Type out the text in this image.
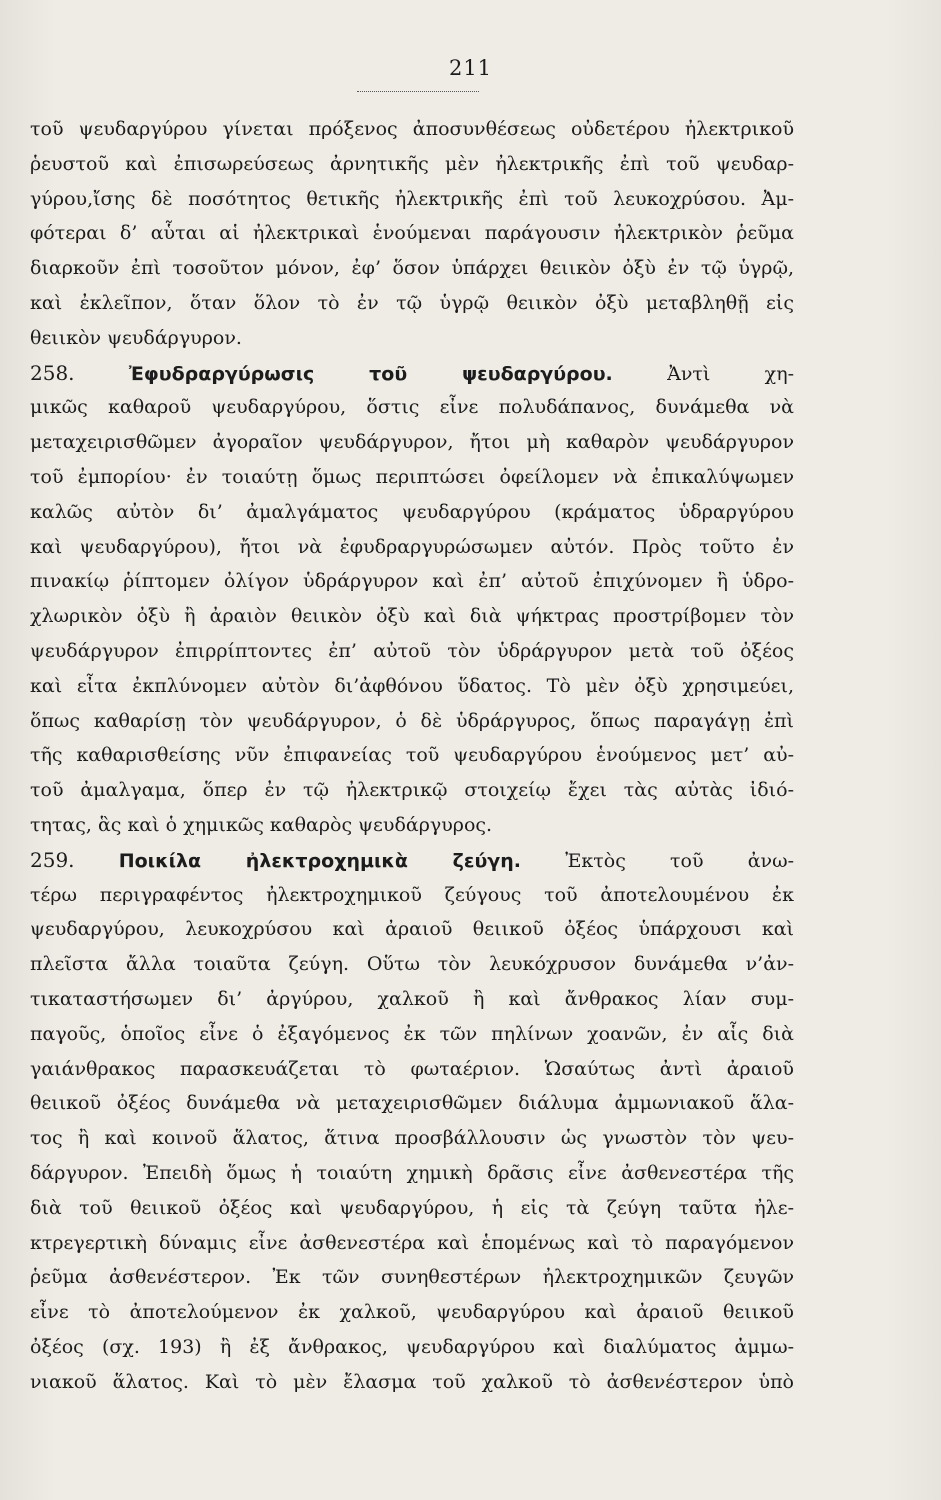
211
τοῦ ψευδαργύρου γίνεται πρόξενος ἀποσυνθέσεως οὐδετέρου ἠλεκτρικοῦ
ῥευστοῦ καὶ ἐπισωρεύσεως ἀρνητικῆς μὲν ἠλεκτρικῆς ἐπὶ τοῦ ψευδαρ-
γύρου,ἴσης δὲ ποσότητος θετικῆς ἠλεκτρικῆς ἐπὶ τοῦ λευκοχρύσου. Ἀμ-
φότεραι δ’ αὗται αἱ ἠλεκτρικαὶ ἑνούμεναι παράγουσιν ἠλεκτρικὸν ῥεῦμα
διαρκοῦν ἐπὶ τοσοῦτον μόνον, ἐφ’ ὅσον ὑπάρχει θειικὸν ὀξὺ ἐν τῷ ὑγρῷ,
καὶ ἐκλεῖπον, ὅταν ὅλον τὸ ἐν τῷ ὑγρῷ θειικὸν ὀξὺ μεταβληθῇ εἰς
θειικὸν ψευδάργυρον.
258.	Ἐφυδραργύρωσις τοῦ ψευδαργύρου.	Ἀντὶ χη-
μικῶς καθαροῦ ψευδαργύρου, ὅστις εἶνε πολυδάπανος, δυνάμεθα νὰ
μεταχειρισθῶμεν ἀγοραῖον ψευδάργυρον, ἤτοι μὴ καθαρὸν ψευδάργυρον
τοῦ ἐμπορίου· ἐν τοιαύτῃ ὅμως περιπτώσει ὀφείλομεν νὰ ἐπικαλύψωμεν
καλῶς αὐτὸν δι’ ἀμαλγάματος ψευδαργύρου (κράματος ὑδραργύρου
καὶ ψευδαργύρου), ἤτοι νὰ ἐφυδραργυρώσωμεν αὐτόν. Πρὸς τοῦτο ἐν
πινακίῳ ῥίπτομεν ὀλίγον ὑδράργυρον καὶ ἐπ’ αὐτοῦ ἐπιχύνομεν ἢ ὑδρο-
χλωρικὸν ὀξὺ ἢ ἀραιὸν θειικὸν ὀξὺ καὶ διὰ ψήκτρας προστρίβομεν τὸν
ψευδάργυρον ἐπιρρίπτοντες ἐπ’ αὐτοῦ τὸν ὑδράργυρον μετὰ τοῦ ὀξέος
καὶ εἶτα ἐκπλύνομεν αὐτὸν δι’ἀφθόνου ὕδατος. Τὸ μὲν ὀξὺ χρησιμεύει,
ὅπως καθαρίσῃ τὸν ψευδάργυρον, ὁ δὲ ὑδράργυρος, ὅπως παραγάγῃ ἐπὶ
τῆς καθαρισθείσης νῦν ἐπιφανείας τοῦ ψευδαργύρου ἑνούμενος μετ’ αὐ-
τοῦ ἀμαλγαμα, ὅπερ ἐν τῷ ἠλεκτρικῷ στοιχείῳ ἔχει τὰς αὐτὰς ἰδιό-
τητας, ἃς καὶ ὁ χημικῶς καθαρὸς ψευδάργυρος.
259. Ποικίλα ἠλεκτροχημικὰ ζεύγη. Ἐκτὸς τοῦ ἀνω-
τέρω περιγραφέντος ἠλεκτροχημικοῦ ζεύγους τοῦ ἀποτελουμένου ἐκ
ψευδαργύρου, λευκοχρύσου καὶ ἀραιοῦ θειικοῦ ὀξέος ὑπάρχουσι καὶ
πλεῖστα ἄλλα τοιαῦτα ζεύγη. Οὕτω τὸν λευκόχρυσον δυνάμεθα ν’ἀν-
τικαταστήσωμεν δι’ ἀργύρου, χαλκοῦ ἢ καὶ ἄνθρακος λίαν συμ-
παγοῦς, ὁποῖος εἶνε ὁ ἐξαγόμενος ἐκ τῶν πηλίνων χοανῶν, ἐν αἷς διὰ
γαιάνθρακος παρασκευάζεται τὸ φωταέριον. Ὡσαύτως ἀντὶ ἀραιοῦ
θειικοῦ ὀξέος δυνάμεθα νὰ μεταχειρισθῶμεν διάλυμα ἀμμωνιακοῦ ἅλα-
τος ἢ καὶ κοινοῦ ἅλατος, ἅτινα προσβάλλουσιν ὡς γνωστὸν τὸν ψευ-
δάργυρον. Ἐπειδὴ ὅμως ἡ τοιαύτη χημικὴ δρᾶσις εἶνε ἀσθενεστέρα τῆς
διὰ τοῦ θειικοῦ ὀξέος καὶ ψευδαργύρου, ἡ εἰς τὰ ζεύγη ταῦτα ἠλε-
κτρεγερτικὴ δύναμις εἶνε ἀσθενεστέρα καὶ ἑπομένως καὶ τὸ παραγόμενον
ῥεῦμα ἀσθενέστερον. Ἐκ τῶν συνηθεστέρων ἠλεκτροχημικῶν ζευγῶν
εἶνε τὸ ἀποτελούμενον ἐκ χαλκοῦ, ψευδαργύρου καὶ ἀραιοῦ θειικοῦ
ὀξέος (σχ. 193) ἢ ἐξ ἄνθρακος, ψευδαργύρου καὶ διαλύματος ἀμμω-
νιακοῦ ἅλατος. Καὶ τὸ μὲν ἔλασμα τοῦ χαλκοῦ τὸ ἀσθενέστερον ὑπὸ
